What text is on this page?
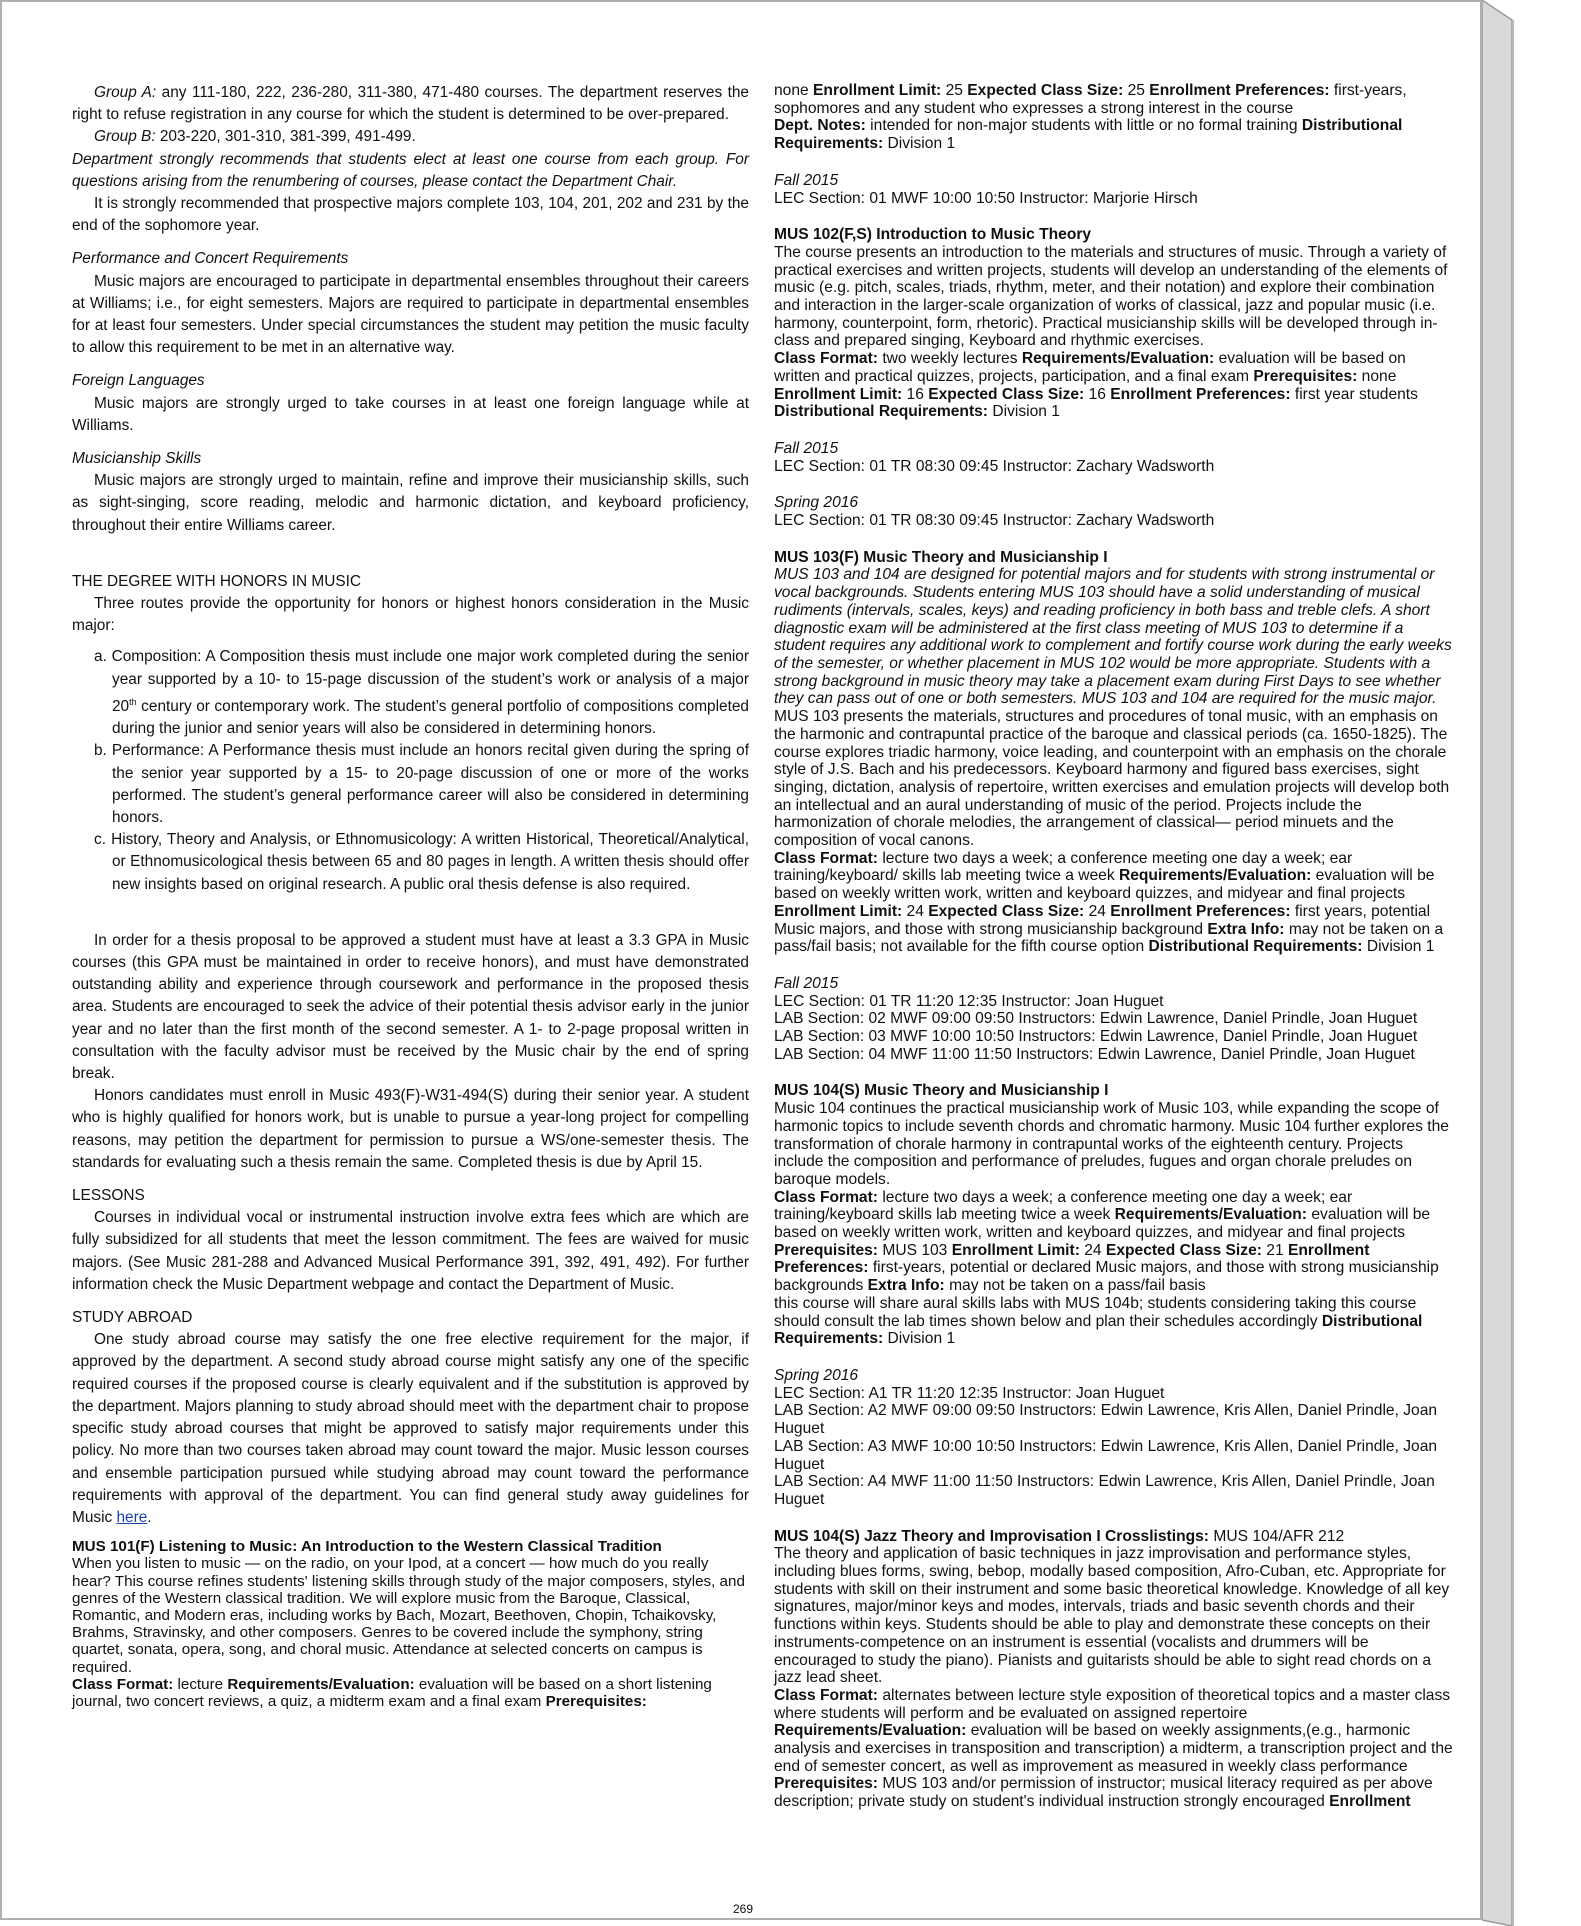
Group A: any 111-180, 222, 236-280, 311-380, 471-480 courses. The department reserves the right to refuse registration in any course for which the student is determined to be over-prepared.

Group B: 203-220, 301-310, 381-399, 491-499.

Department strongly recommends that students elect at least one course from each group. For questions arising from the renumbering of courses, please contact the Department Chair.

It is strongly recommended that prospective majors complete 103, 104, 201, 202 and 231 by the end of the sophomore year.

Performance and Concert Requirements

Music majors are encouraged to participate in departmental ensembles throughout their careers at Williams; i.e., for eight semesters. Majors are required to participate in departmental ensembles for at least four semesters. Under special circumstances the student may petition the music faculty to allow this requirement to be met in an alternative way.

Foreign Languages

Music majors are strongly urged to take courses in at least one foreign language while at Williams.

Musicianship Skills

Music majors are strongly urged to maintain, refine and improve their musicianship skills, such as sight-singing, score reading, melodic and harmonic dictation, and keyboard proficiency, throughout their entire Williams career.

THE DEGREE WITH HONORS IN MUSIC

Three routes provide the opportunity for honors or highest honors consideration in the Music major:

a. Composition: A Composition thesis must include one major work completed during the senior year supported by a 10- to 15-page discussion of the student’s work or analysis of a major 20th century or contemporary work. The student’s general portfolio of compositions completed during the junior and senior years will also be considered in determining honors.
b. Performance: A Performance thesis must include an honors recital given during the spring of the senior year supported by a 15- to 20-page discussion of one or more of the works performed. The student’s general performance career will also be considered in determining honors.
c. History, Theory and Analysis, or Ethnomusicology: A written Historical, Theoretical/Analytical, or Ethnomusicological thesis between 65 and 80 pages in length. A written thesis should offer new insights based on original research. A public oral thesis defense is also required.

In order for a thesis proposal to be approved a student must have at least a 3.3 GPA in Music courses (this GPA must be maintained in order to receive honors), and must have demonstrated outstanding ability and experience through coursework and performance in the proposed thesis area. Students are encouraged to seek the advice of their potential thesis advisor early in the junior year and no later than the first month of the second semester. A 1- to 2-page proposal written in consultation with the faculty advisor must be received by the Music chair by the end of spring break.

Honors candidates must enroll in Music 493(F)-W31-494(S) during their senior year. A student who is highly qualified for honors work, but is unable to pursue a year-long project for compelling reasons, may petition the department for permission to pursue a WS/one-semester thesis. The standards for evaluating such a thesis remain the same. Completed thesis is due by April 15.

LESSONS

Courses in individual vocal or instrumental instruction involve extra fees which are which are fully subsidized for all students that meet the lesson commitment. The fees are waived for music majors. (See Music 281-288 and Advanced Musical Performance 391, 392, 491, 492). For further information check the Music Department webpage and contact the Department of Music.

STUDY ABROAD

One study abroad course may satisfy the one free elective requirement for the major, if approved by the department. A second study abroad course might satisfy any one of the specific required courses if the proposed course is clearly equivalent and if the substitution is approved by the department. Majors planning to study abroad should meet with the department chair to propose specific study abroad courses that might be approved to satisfy major requirements under this policy. No more than two courses taken abroad may count toward the major. Music lesson courses and ensemble participation pursued while studying abroad may count toward the performance requirements with approval of the department. You can find general study away guidelines for Music here.

MUS 101(F) Listening to Music: An Introduction to the Western Classical Tradition
When you listen to music — on the radio, on your Ipod, at a concert — how much do you really hear? This course refines students' listening skills through study of the major composers, styles, and genres of the Western classical tradition. We will explore music from the Baroque, Classical, Romantic, and Modern eras, including works by Bach, Mozart, Beethoven, Chopin, Tchaikovsky, Brahms, Stravinsky, and other composers. Genres to be covered include the symphony, string quartet, sonata, opera, song, and choral music. Attendance at selected concerts on campus is required.
Class Format: lecture Requirements/Evaluation: evaluation will be based on a short listening journal, two concert reviews, a quiz, a midterm exam and a final exam Prerequisites:

none Enrollment Limit: 25 Expected Class Size: 25 Enrollment Preferences: first-years, sophomores and any student who expresses a strong interest in the course
Dept. Notes: intended for non-major students with little or no formal training Distributional Requirements: Division 1

Fall 2015

LEC Section: 01 MWF 10:00 10:50 Instructor: Marjorie Hirsch

MUS 102(F,S) Introduction to Music Theory

The course presents an introduction to the materials and structures of music. Through a variety of practical exercises and written projects, students will develop an understanding of the elements of music (e.g. pitch, scales, triads, rhythm, meter, and their notation) and explore their combination and interaction in the larger-scale organization of works of classical, jazz and popular music (i.e. harmony, counterpoint, form, rhetoric). Practical musicianship skills will be developed through in-class and prepared singing, Keyboard and rhythmic exercises.

Class Format: two weekly lectures Requirements/Evaluation: evaluation will be based on written and practical quizzes, projects, participation, and a final exam Prerequisites: none
Enrollment Limit: 16 Expected Class Size: 16 Enrollment Preferences: first year students
Distributional Requirements: Division 1

Fall 2015

LEC Section: 01 TR 08:30 09:45 Instructor: Zachary Wadsworth

Spring 2016

LEC Section: 01 TR 08:30 09:45 Instructor: Zachary Wadsworth

MUS 103(F) Music Theory and Musicianship I

MUS 103 and 104 are designed for potential majors and for students with strong instrumental or vocal backgrounds. Students entering MUS 103 should have a solid understanding of musical rudiments (intervals, scales, keys) and reading proficiency in both bass and treble clefs. A short diagnostic exam will be administered at the first class meeting of MUS 103 to determine if a student requires any additional work to complement and fortify course work during the early weeks of the semester, or whether placement in MUS 102 would be more appropriate. Students with a strong background in music theory may take a placement exam during First Days to see whether they can pass out of one or both semesters. MUS 103 and 104 are required for the music major.

MUS 103 presents the materials, structures and procedures of tonal music, with an emphasis on the harmonic and contrapuntal practice of the baroque and classical periods (ca. 1650-1825). The course explores triadic harmony, voice leading, and counterpoint with an emphasis on the chorale style of J.S. Bach and his predecessors. Keyboard harmony and figured bass exercises, sight singing, dictation, analysis of repertoire, written exercises and emulation projects will develop both an intellectual and an aural understanding of music of the period. Projects include the harmonization of chorale melodies, the arrangement of classical— period minuets and the composition of vocal canons.

Class Format: lecture two days a week; a conference meeting one day a week; ear training/keyboard/ skills lab meeting twice a week Requirements/Evaluation: evaluation will be based on weekly written work, written and keyboard quizzes, and midyear and final projects
Enrollment Limit: 24 Expected Class Size: 24 Enrollment Preferences: first years, potential Music majors, and those with strong musicianship background Extra Info: may not be taken on a pass/fail basis; not available for the fifth course option Distributional Requirements: Division 1

Fall 2015

LEC Section: 01 TR 11:20 12:35 Instructor: Joan Huguet

LAB Section: 02 MWF 09:00 09:50 Instructors: Edwin Lawrence, Daniel Prindle, Joan Huguet

LAB Section: 03 MWF 10:00 10:50 Instructors: Edwin Lawrence, Daniel Prindle, Joan Huguet

LAB Section: 04 MWF 11:00 11:50 Instructors: Edwin Lawrence, Daniel Prindle, Joan Huguet

MUS 104(S) Music Theory and Musicianship I

Music 104 continues the practical musicianship work of Music 103, while expanding the scope of harmonic topics to include seventh chords and chromatic harmony. Music 104 further explores the transformation of chorale harmony in contrapuntal works of the eighteenth century. Projects include the composition and performance of preludes, fugues and organ chorale preludes on baroque models.

Class Format: lecture two days a week; a conference meeting one day a week; ear training/keyboard skills lab meeting twice a week Requirements/Evaluation: evaluation will be based on weekly written work, written and keyboard quizzes, and midyear and final projects
Prerequisites: MUS 103 Enrollment Limit: 24 Expected Class Size: 21 Enrollment Preferences: first-years, potential or declared Music majors, and those with strong musicianship backgrounds Extra Info: may not be taken on a pass/fail basis
this course will share aural skills labs with MUS 104b; students considering taking this course should consult the lab times shown below and plan their schedules accordingly Distributional Requirements: Division 1

Spring 2016

LEC Section: A1 TR 11:20 12:35 Instructor: Joan Huguet

LAB Section: A2 MWF 09:00 09:50 Instructors: Edwin Lawrence, Kris Allen, Daniel Prindle, Joan Huguet

LAB Section: A3 MWF 10:00 10:50 Instructors: Edwin Lawrence, Kris Allen, Daniel Prindle, Joan Huguet

LAB Section: A4 MWF 11:00 11:50 Instructors: Edwin Lawrence, Kris Allen, Daniel Prindle, Joan Huguet

MUS 104(S) Jazz Theory and Improvisation I Crosslistings: MUS 104/AFR 212

The theory and application of basic techniques in jazz improvisation and performance styles, including blues forms, swing, bebop, modally based composition, Afro-Cuban, etc. Appropriate for students with skill on their instrument and some basic theoretical knowledge. Knowledge of all key signatures, major/minor keys and modes, intervals, triads and basic seventh chords and their functions within keys. Students should be able to play and demonstrate these concepts on their instruments-competence on an instrument is essential (vocalists and drummers will be encouraged to study the piano). Pianists and guitarists should be able to sight read chords on a jazz lead sheet.

Class Format: alternates between lecture style exposition of theoretical topics and a master class where students will perform and be evaluated on assigned repertoire
Requirements/Evaluation: evaluation will be based on weekly assignments,(e.g., harmonic analysis and exercises in transposition and transcription) a midterm, a transcription project and the end of semester concert, as well as improvement as measured in weekly class performance
Prerequisites: MUS 103 and/or permission of instructor; musical literacy required as per above description; private study on student's individual instruction strongly encouraged Enrollment

269
